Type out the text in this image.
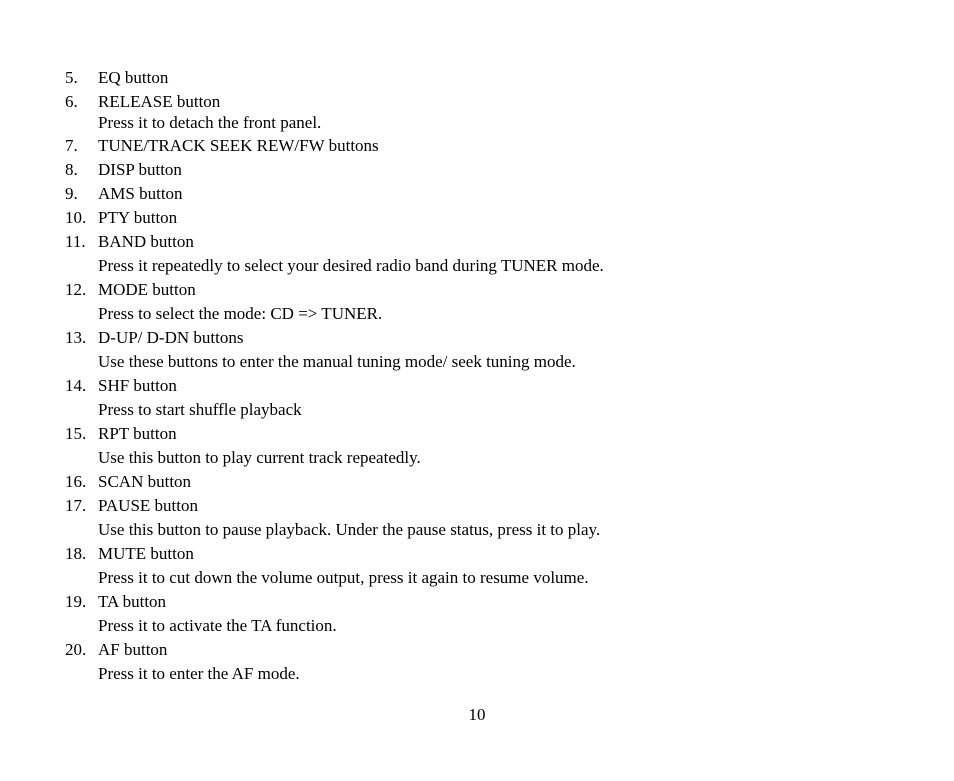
5. EQ button
6. RELEASE button
Press it to detach the front panel.
7. TUNE/TRACK SEEK REW/FW buttons
8. DISP button
9. AMS button
10. PTY button
11. BAND button
Press it repeatedly to select your desired radio band during TUNER mode.
12. MODE button
Press to select the mode: CD => TUNER.
13. D-UP/ D-DN buttons
Use these buttons to enter the manual tuning mode/ seek tuning mode.
14. SHF button
Press to start shuffle playback
15. RPT button
Use this button to play current track repeatedly.
16. SCAN button
17. PAUSE button
Use this button to pause playback. Under the pause status, press it to play.
18. MUTE button
Press it to cut down the volume output, press it again to resume volume.
19. TA button
Press it to activate the TA function.
20. AF button
Press it to enter the AF mode.
10
